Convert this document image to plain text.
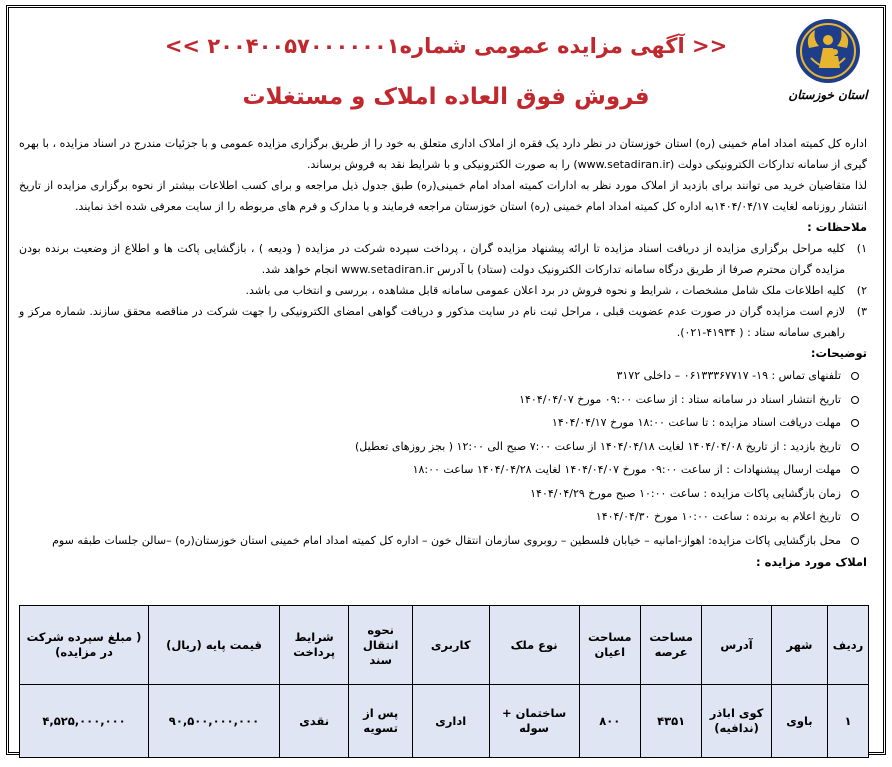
استان خوزستان
<< آگهی مزایده عمومی شماره۲۰۰۴۰۰۵۷۰۰۰۰۰۰۱ >>
فروش فوق العاده املاک و مستغلات

اداره کل کمیته امداد امام خمینی (ره) استان خوزستان در نظر دارد یک فقره از املاک اداری متعلق به خود را از طریق برگزاری مزایده عمومی و با جزئیات مندرج در اسناد مزایده ، با بهره گیری از سامانه تدارکات الکترونیکی دولت (www.setadiran.ir) را به صورت الکترونیکی و با شرایط نقد به فروش برساند.

لذا متقاضیان خرید می توانند برای بازدید از املاک مورد نظر به ادارات کمیته امداد امام خمینی(ره) طبق جدول ذیل مراجعه و برای کسب اطلاعات بیشتر از نحوه برگزاری مزایده از تاریخ انتشار روزنامه لغایت ۱۴۰۴/۰۴/۱۷به اداره کل کمیته امداد امام خمینی (ره) استان خوزستان مراجعه فرمایند و یا مدارک و فرم های مربوطه را از سایت معرفی شده اخذ نمایند.

ملاحظات :
۱)
کلیه مراحل برگزاری مزایده از دریافت اسناد مزایده تا ارائه پیشنهاد مزایده گران ، پرداخت سپرده شرکت در مزایده ( ودیعه ) ، بازگشایی پاکت ها و اطلاع از وضعیت برنده بودن مزایده گران محترم صرفا از طریق درگاه سامانه تدارکات الکترونیک دولت (ستاد) با آدرس www.setadiran.ir انجام خواهد شد.
۲)
کلیه اطلاعات ملک شامل مشخصات ، شرایط و نحوه فروش در برد اعلان عمومی سامانه قابل مشاهده ، بررسی و انتخاب می باشد.
۳)
لازم است مزایده گران در صورت عدم عضویت قبلی ، مراحل ثبت نام در سایت مذکور و دریافت گواهی امضای الکترونیکی را جهت شرکت در مناقصه محقق سازند. شماره مرکز و راهبری سامانه ستاد : ( ۴۱۹۳۴-۰۲۱).
توضیحات:
تلفنهای تماس : ۱۹- ۰۶۱۳۳۳۶۷۷۱۷ – داخلی ۳۱۷۲
تاریخ انتشار اسناد در سامانه ستاد : از ساعت ۰۹:۰۰ مورخ ۱۴۰۴/۰۴/۰۷
مهلت دریافت اسناد مزایده : تا ساعت ۱۸:۰۰ مورخ ۱۴۰۴/۰۴/۱۷
تاریخ بازدید : از تاریخ ۱۴۰۴/۰۴/۰۸ لغایت ۱۴۰۴/۰۴/۱۸ از ساعت ۷:۰۰ صبح الی ۱۲:۰۰ ( بجز روزهای تعطیل)
مهلت ارسال پیشنهادات : از ساعت ۰۹:۰۰ مورخ ۱۴۰۴/۰۴/۰۷ لغایت ۱۴۰۴/۰۴/۲۸ ساعت ۱۸:۰۰
زمان بازگشایی پاکات مزایده : ساعت ۱۰:۰۰ صبح مورخ ۱۴۰۴/۰۴/۲۹
تاریخ اعلام به برنده : ساعت ۱۰:۰۰ مورخ ۱۴۰۴/۰۴/۳۰
محل بازگشایی پاکات مزایده: اهواز-امانیه – خیابان فلسطین – روبروی سازمان انتقال خون – اداره کل کمیته امداد امام خمینی استان خوزستان(ره) –سالن جلسات طبقه سوم
املاک مورد مزایده :
ردیف	شهر	آدرس	مساحت عرصه	مساحت اعیان	نوع ملک	کاربری	نحوه انتقال سند	شرایط پرداخت	قیمت پایه (ریال)	( مبلغ سپرده شرکت در مزایده)
۱	باوی	کوی اباذر (ندافیه)	۴۳۵۱	۸۰۰	ساختمان + سوله	اداری	پس از تسویه	نقدی	۹۰,۵۰۰,۰۰۰,۰۰۰	۴,۵۲۵,۰۰۰,۰۰۰
